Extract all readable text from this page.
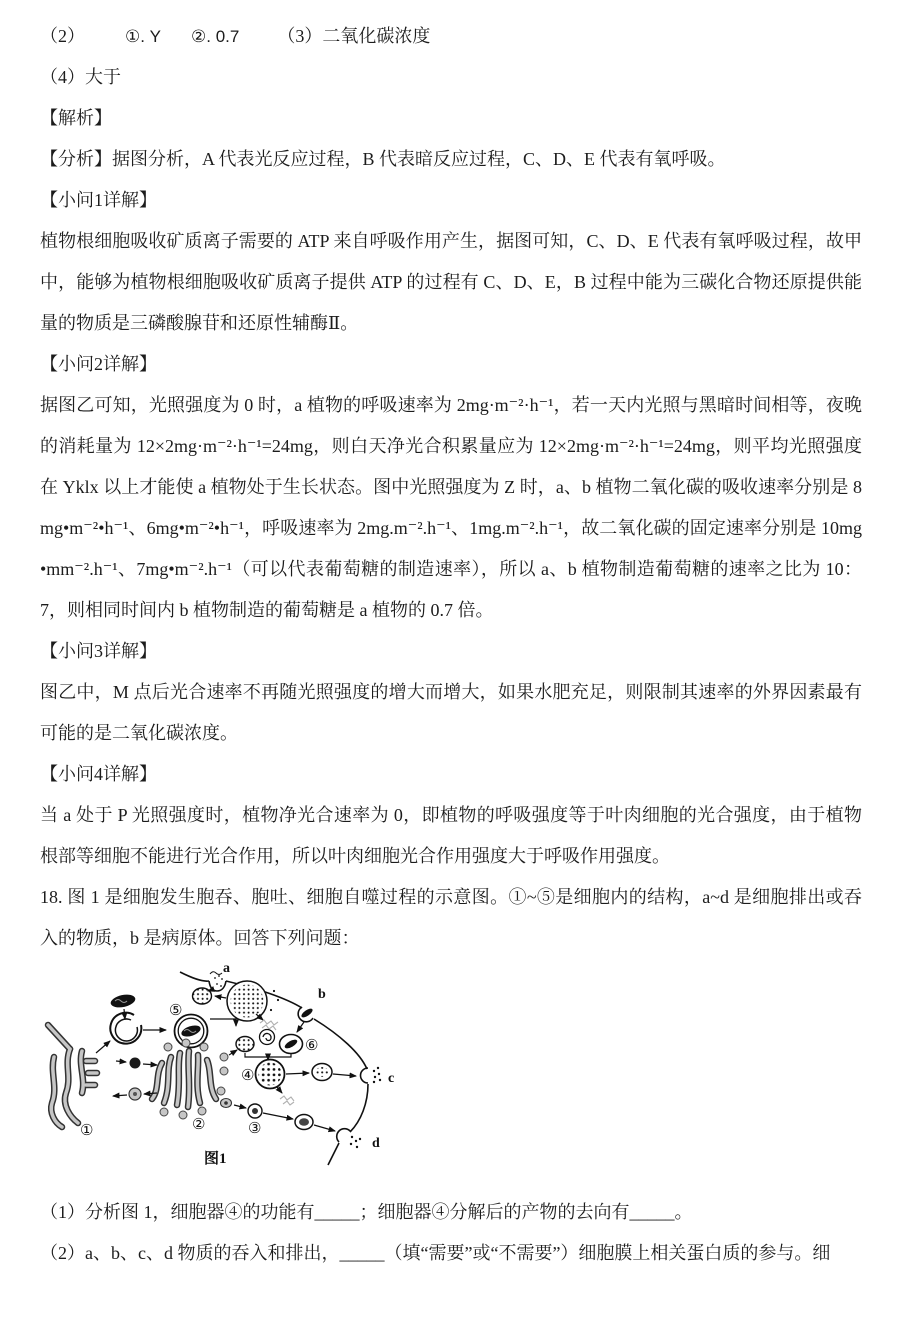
（2） ①. Y ②. 0.7 （3）二氧化碳浓度

（4）大于

【解析】

【分析】据图分析，A 代表光反应过程，B 代表暗反应过程，C、D、E 代表有氧呼吸。

【小问1详解】

植物根细胞吸收矿质离子需要的 ATP 来自呼吸作用产生，据图可知，C、D、E 代表有氧呼吸过程，故甲中，能够为植物根细胞吸收矿质离子提供 ATP 的过程有 C、D、E，B 过程中能为三碳化合物还原提供能量的物质是三磷酸腺苷和还原性辅酶Ⅱ。

【小问2详解】

据图乙可知，光照强度为 0 时，a 植物的呼吸速率为 2mg·m⁻²·h⁻¹，若一天内光照与黑暗时间相等，夜晚的消耗量为 12×2mg·m⁻²·h⁻¹=24mg，则白天净光合积累量应为 12×2mg·m⁻²·h⁻¹=24mg，则平均光照强度在 Yklx 以上才能使 a 植物处于生长状态。图中光照强度为 Z 时，a、b 植物二氧化碳的吸收速率分别是 8mg•m⁻²•h⁻¹、6mg•m⁻²•h⁻¹，呼吸速率为 2mg.m⁻².h⁻¹、1mg.m⁻².h⁻¹，故二氧化碳的固定速率分别是 10mg•mm⁻².h⁻¹、7mg•m⁻².h⁻¹（可以代表葡萄糖的制造速率），所以 a、b 植物制造葡萄糖的速率之比为 10：7，则相同时间内 b 植物制造的葡萄糖是 a 植物的 0.7 倍。

【小问3详解】

图乙中，M 点后光合速率不再随光照强度的增大而增大，如果水肥充足，则限制其速率的外界因素最有可能的是二氧化碳浓度。

【小问4详解】

当 a 处于 P 光照强度时，植物净光合速率为 0，即植物的呼吸强度等于叶肉细胞的光合强度，由于植物根部等细胞不能进行光合作用，所以叶肉细胞光合作用强度大于呼吸作用强度。

18. 图 1 是细胞发生胞吞、胞吐、细胞自噬过程的示意图。①~⑤是细胞内的结构，a~d 是细胞排出或吞入的物质，b 是病原体。回答下列问题：

a
b
⑥
④	c
①
⑤
②	③
d
图1

（1）分析图 1，细胞器④的功能有_____；细胞器④分解后的产物的去向有_____。

（2）a、b、c、d 物质的吞入和排出，_____（填“需要”或“不需要”）细胞膜上相关蛋白质的参与。细
